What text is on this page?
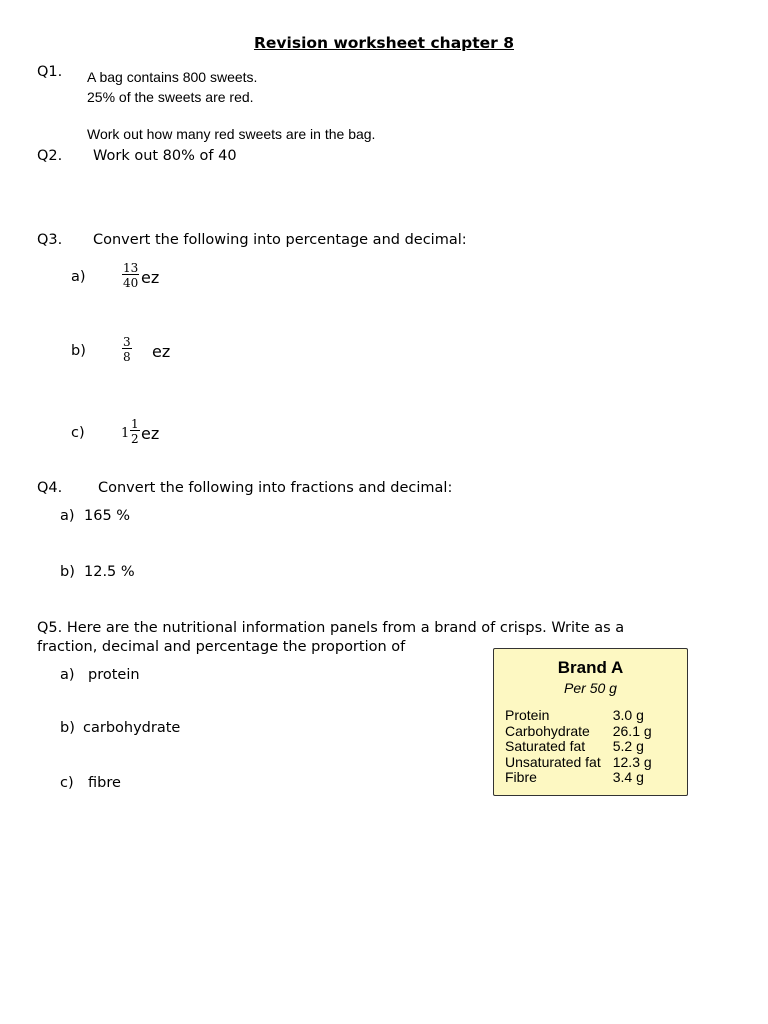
Revision worksheet chapter 8
Q1. A bag contains 800 sweets.
25% of the sweets are red.
Work out how many red sweets are in the bag.
Q2. Work out 80% of 40
Q3. Convert the following into percentage and decimal:
a)	$\frac{13}{40}$ ez
b)	$\frac{3}{8}$ ez
c)	$1 \frac{1}{2}$ ez
Q4. Convert the following into fractions and decimal:
a) 165 %
b) 12.5 %
Q5. Here are the nutritional information panels from a brand of crisps. Write as a
fraction, decimal and percentage the proportion of
a) protein
b) carbohydrate
c) fibre
Brand A
Per 50 g
Protein	3.0 g
Carbohydrate	26.1 g
Saturated fat	5.2 g
Unsaturated fat	12.3 g
Fibre	3.4 g
